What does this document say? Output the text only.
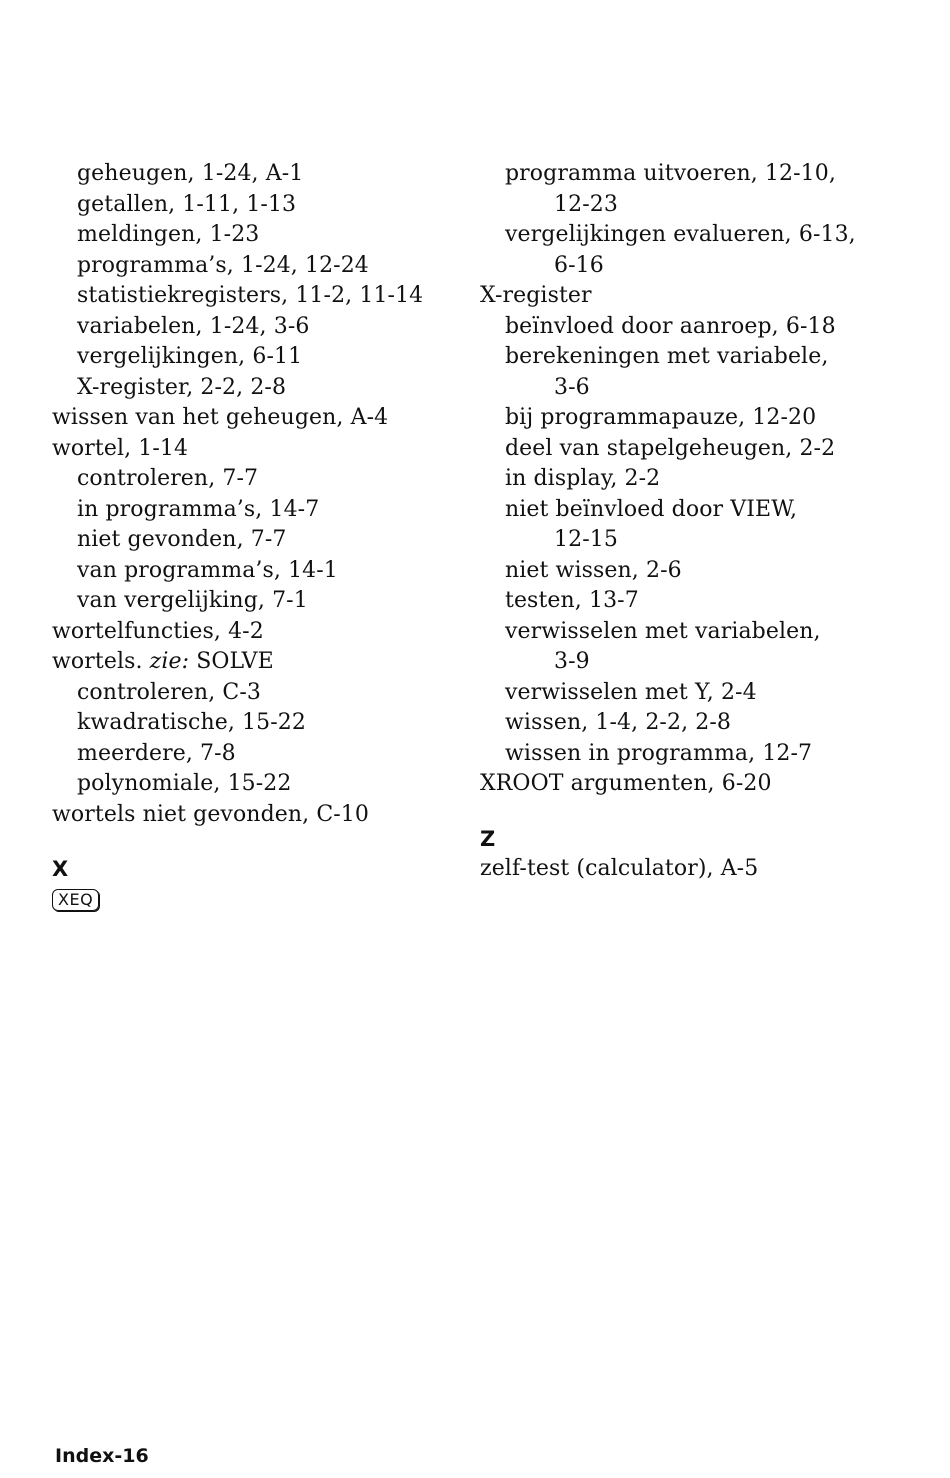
geheugen, 1-24, A-1
getallen, 1-11, 1-13
meldingen, 1-23
programma’s, 1-24, 12-24
statistiekregisters, 11-2, 11-14
variabelen, 1-24, 3-6
vergelijkingen, 6-11
X-register, 2-2, 2-8
wissen van het geheugen, A-4
wortel, 1-14
controleren, 7-7
in programma’s, 14-7
niet gevonden, 7-7
van programma’s, 14-1
van vergelijking, 7-1
wortelfuncties, 4-2
wortels. zie: SOLVE
controleren, C-3
kwadratische, 15-22
meerdere, 7-8
polynomiale, 15-22
wortels niet gevonden, C-10
X
XEQ
programma uitvoeren, 12-10,
12-23
vergelijkingen evalueren, 6-13,
6-16
X-register
beïnvloed door aanroep, 6-18
berekeningen met variabele,
3-6
bij programmapauze, 12-20
deel van stapelgeheugen, 2-2
in display, 2-2
niet beïnvloed door VIEW,
12-15
niet wissen, 2-6
testen, 13-7
verwisselen met variabelen,
3-9
verwisselen met Y, 2-4
wissen, 1-4, 2-2, 2-8
wissen in programma, 12-7
XROOT argumenten, 6-20
Z
zelf-test (calculator), A-5
Index-16
